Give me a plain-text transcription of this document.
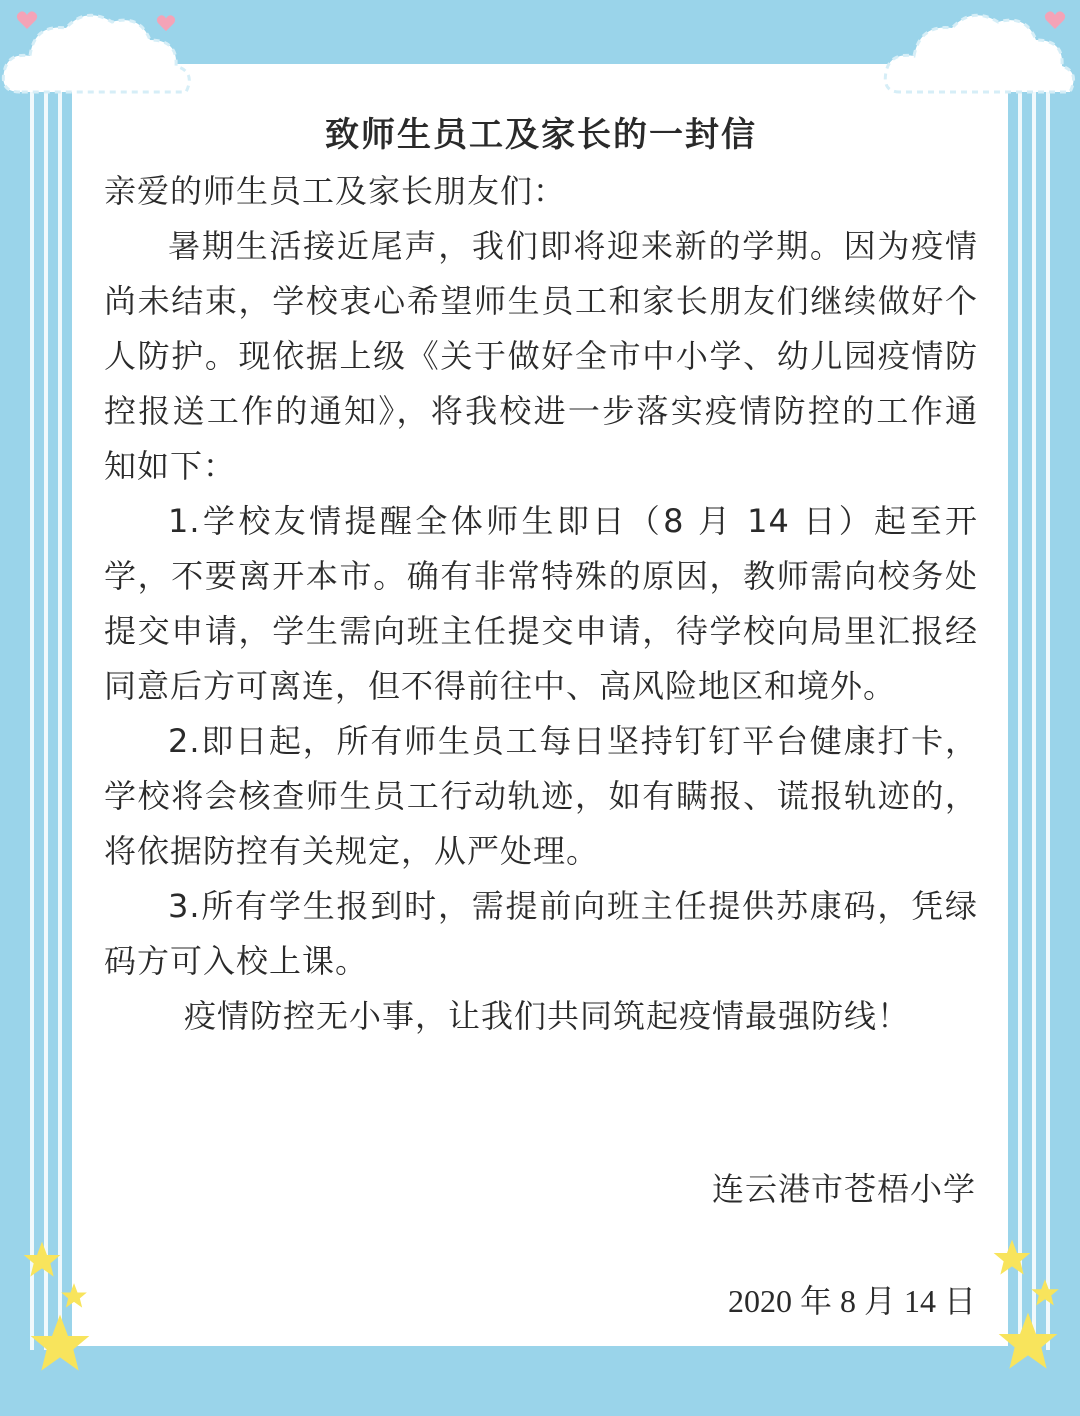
致师生员工及家长的一封信

亲爱的师生员工及家长朋友们：

暑期生活接近尾声，我们即将迎来新的学期。因为疫情尚未结束，学校衷心希望师生员工和家长朋友们继续做好个人防护。现依据上级《关于做好全市中小学、幼儿园疫情防控报送工作的通知》，将我校进一步落实疫情防控的工作通知如下：

1.学校友情提醒全体师生即日（8 月 14 日）起至开学，不要离开本市。确有非常特殊的原因，教师需向校务处提交申请，学生需向班主任提交申请，待学校向局里汇报经同意后方可离连，但不得前往中、高风险地区和境外。

2.即日起，所有师生员工每日坚持钉钉平台健康打卡，学校将会核查师生员工行动轨迹，如有瞒报、谎报轨迹的，将依据防控有关规定，从严处理。

3.所有学生报到时，需提前向班主任提供苏康码，凭绿码方可入校上课。

疫情防控无小事，让我们共同筑起疫情最强防线！

连云港市苍梧小学

2020 年 8 月 14 日
